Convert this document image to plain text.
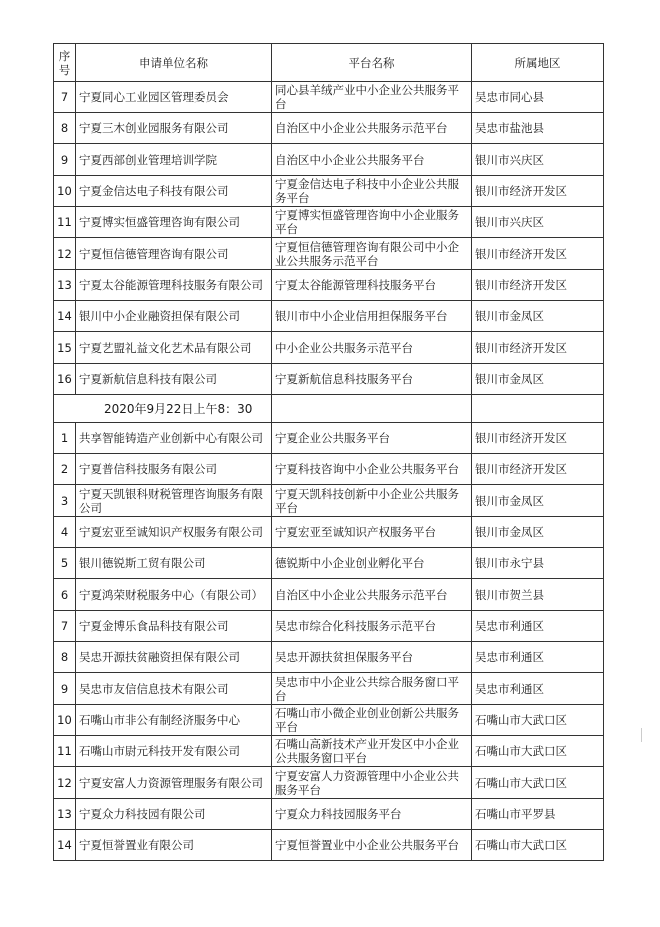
序号	申请单位名称	平台名称	所属地区
7	宁夏同心工业园区管理委员会	同心县羊绒产业中小企业公共服务平台	吴忠市同心县
8	宁夏三木创业园服务有限公司	自治区中小企业公共服务示范平台	吴忠市盐池县
9	宁夏西部创业管理培训学院	自治区中小企业公共服务平台	银川市兴庆区
10	宁夏金信达电子科技有限公司	宁夏金信达电子科技中小企业公共服务平台	银川市经济开发区
11	宁夏博实恒盛管理咨询有限公司	宁夏博实恒盛管理咨询中小企业服务平台	银川市兴庆区
12	宁夏恒信德管理咨询有限公司	宁夏恒信德管理咨询有限公司中小企业公共服务示范平台	银川市经济开发区
13	宁夏太谷能源管理科技服务有限公司	宁夏太谷能源管理科技服务平台	银川市经济开发区
14	银川中小企业融资担保有限公司	银川市中小企业信用担保服务平台	银川市金凤区
15	宁夏艺盟礼益文化艺术品有限公司	中小企业公共服务示范平台	银川市经济开发区
16	宁夏新航信息科技有限公司	宁夏新航信息科技服务平台	银川市金凤区
2020年9月22日上午8：30			
1	共享智能铸造产业创新中心有限公司	宁夏企业公共服务平台	银川市经济开发区
2	宁夏普信科技服务有限公司	宁夏科技咨询中小企业公共服务平台	银川市经济开发区
3	宁夏天凯银科财税管理咨询服务有限公司	宁夏天凯科技创新中小企业公共服务平台	银川市金凤区
4	宁夏宏亚至诚知识产权服务有限公司	宁夏宏亚至诚知识产权服务平台	银川市金凤区
5	银川德锐斯工贸有限公司	德锐斯中小企业创业孵化平台	银川市永宁县
6	宁夏鸿荣财税服务中心（有限公司）	自治区中小企业公共服务示范平台	银川市贺兰县
7	宁夏金博乐食品科技有限公司	吴忠市综合化科技服务示范平台	吴忠市利通区
8	吴忠开源扶贫融资担保有限公司	吴忠开源扶贫担保服务平台	吴忠市利通区
9	吴忠市友信信息技术有限公司	吴忠市中小企业公共综合服务窗口平台	吴忠市利通区
10	石嘴山市非公有制经济服务中心	石嘴山市小微企业创业创新公共服务平台	石嘴山市大武口区
11	石嘴山市尉元科技开发有限公司	石嘴山高新技术产业开发区中小企业公共服务窗口平台	石嘴山市大武口区
12	宁夏安富人力资源管理服务有限公司	宁夏安富人力资源管理中小企业公共服务平台	石嘴山市大武口区
13	宁夏众力科技园有限公司	宁夏众力科技园服务平台	石嘴山市平罗县
14	宁夏恒誉置业有限公司	宁夏恒誉置业中小企业公共服务平台	石嘴山市大武口区
